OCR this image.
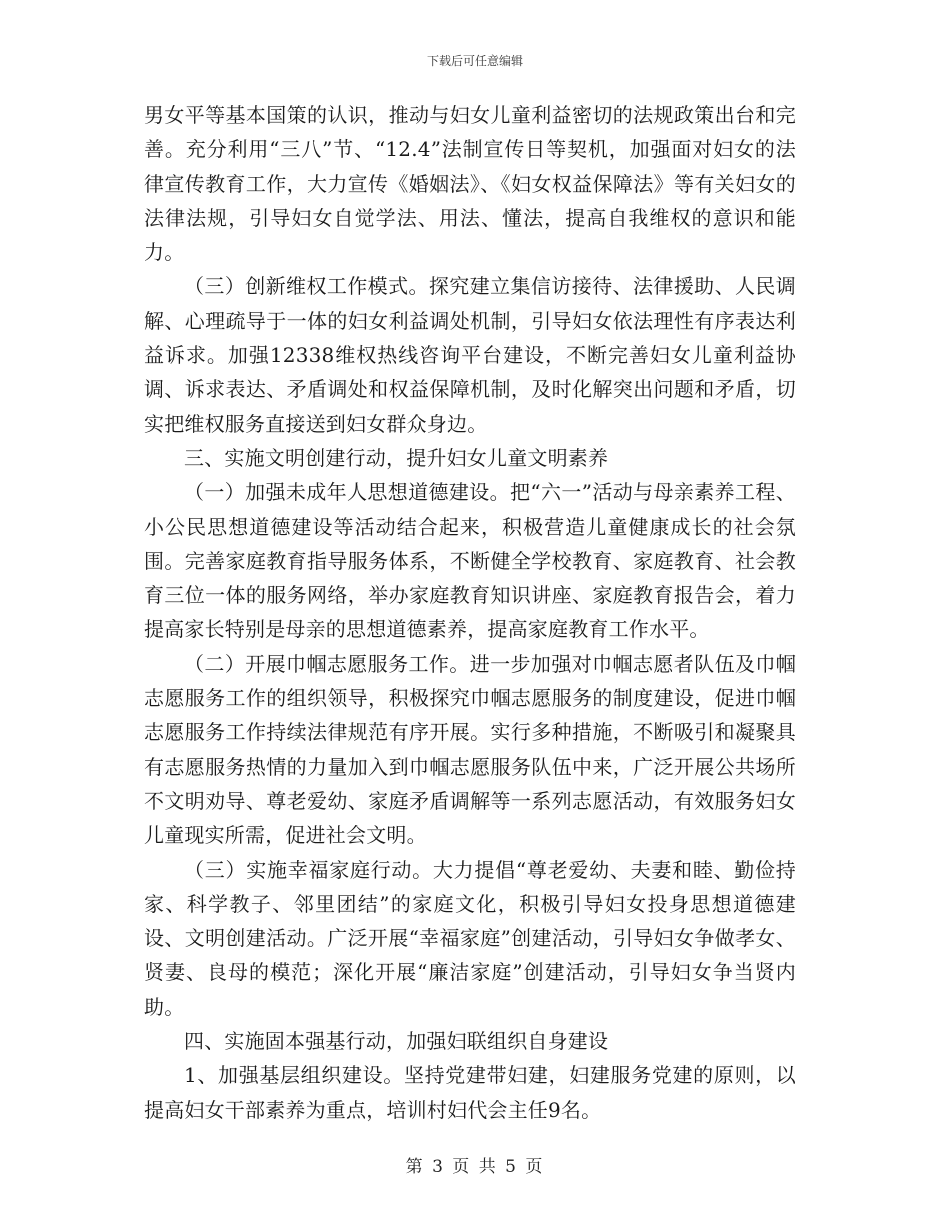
下载后可任意编辑

男女平等基本国策的认识，推动与妇女儿童利益密切的法规政策出台和完善。充分利用“三八”节、“12.4”法制宣传日等契机，加强面对妇女的法律宣传教育工作，大力宣传《婚姻法》、《妇女权益保障法》等有关妇女的法律法规，引导妇女自觉学法、用法、懂法，提高自我维权的意识和能力。

（三）创新维权工作模式。探究建立集信访接待、法律援助、人民调解、心理疏导于一体的妇女利益调处机制，引导妇女依法理性有序表达利益诉求。加强12338维权热线咨询平台建设，不断完善妇女儿童利益协调、诉求表达、矛盾调处和权益保障机制，及时化解突出问题和矛盾，切实把维权服务直接送到妇女群众身边。

三、实施文明创建行动，提升妇女儿童文明素养

（一）加强未成年人思想道德建设。把“六一”活动与母亲素养工程、小公民思想道德建设等活动结合起来，积极营造儿童健康成长的社会氛围。完善家庭教育指导服务体系，不断健全学校教育、家庭教育、社会教育三位一体的服务网络，举办家庭教育知识讲座、家庭教育报告会，着力提高家长特别是母亲的思想道德素养，提高家庭教育工作水平。

（二）开展巾帼志愿服务工作。进一步加强对巾帼志愿者队伍及巾帼志愿服务工作的组织领导，积极探究巾帼志愿服务的制度建设，促进巾帼志愿服务工作持续法律规范有序开展。实行多种措施，不断吸引和凝聚具有志愿服务热情的力量加入到巾帼志愿服务队伍中来，广泛开展公共场所不文明劝导、尊老爱幼、家庭矛盾调解等一系列志愿活动，有效服务妇女儿童现实所需，促进社会文明。

（三）实施幸福家庭行动。大力提倡“尊老爱幼、夫妻和睦、勤俭持家、科学教子、邻里团结”的家庭文化，积极引导妇女投身思想道德建设、文明创建活动。广泛开展“幸福家庭”创建活动，引导妇女争做孝女、贤妻、良母的模范；深化开展“廉洁家庭”创建活动，引导妇女争当贤内助。

四、实施固本强基行动，加强妇联组织自身建设

1、加强基层组织建设。坚持党建带妇建，妇建服务党建的原则，以提高妇女干部素养为重点，培训村妇代会主任9名。

第 3 页 共 5 页
